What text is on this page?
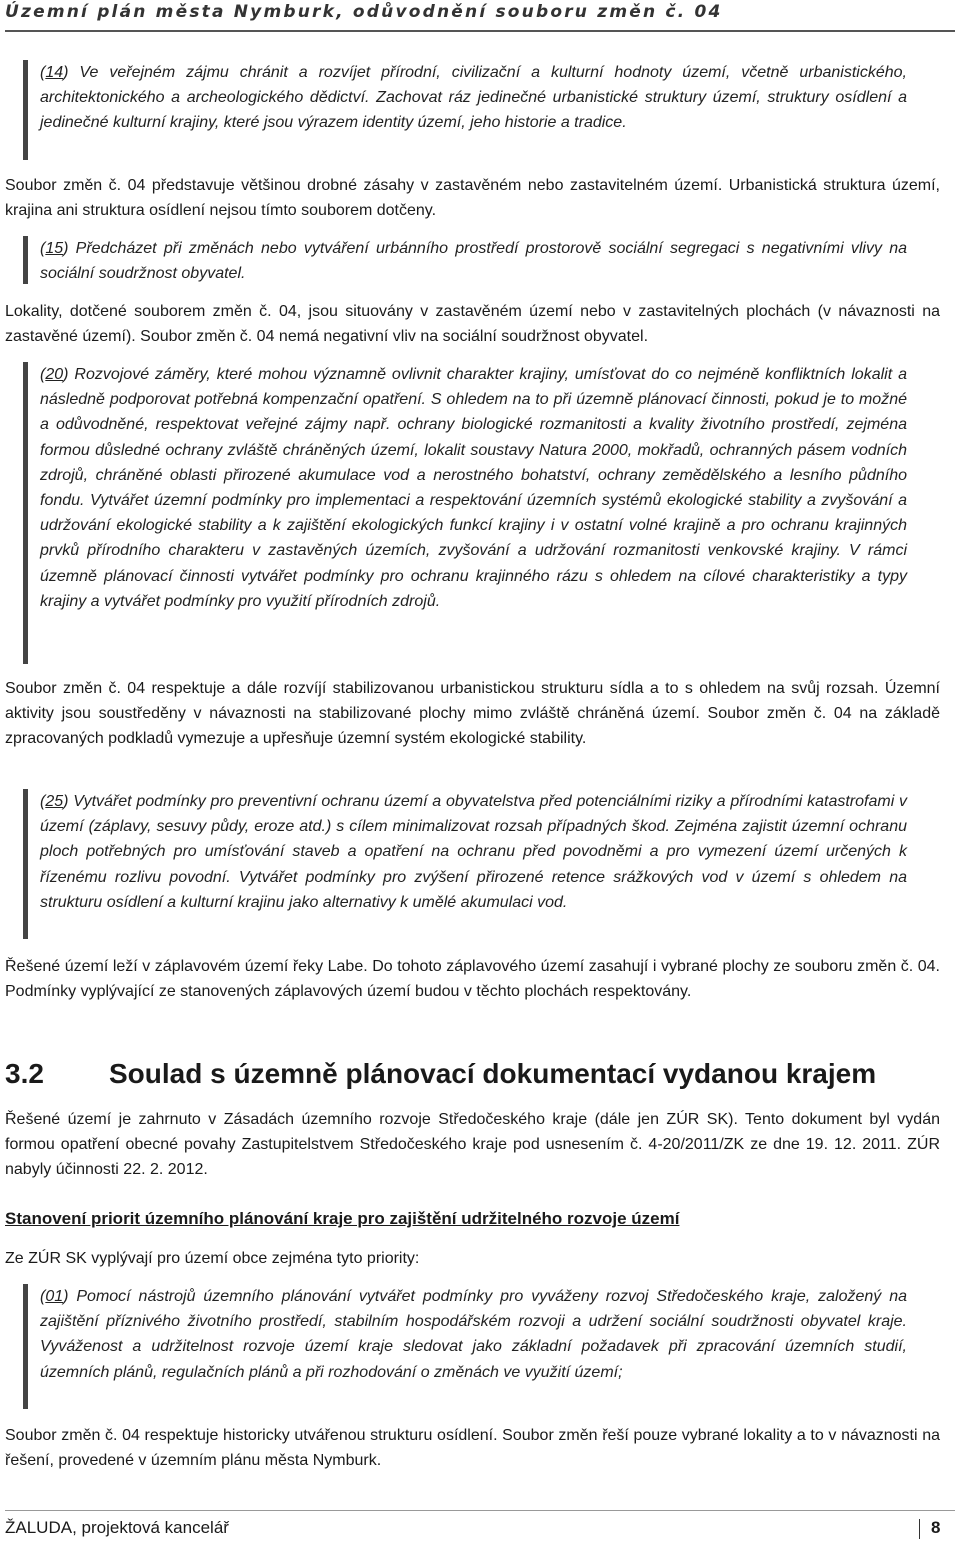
Územní plán města Nymburk, odůvodnění souboru změn č. 04
(14) Ve veřejném zájmu chránit a rozvíjet přírodní, civilizační a kulturní hodnoty území, včetně urbanistického, architektonického a archeologického dědictví. Zachovat ráz jedinečné urbanistické struktury území, struktury osídlení a jedinečné kulturní krajiny, které jsou výrazem identity území, jeho historie a tradice.
Soubor změn č. 04 představuje většinou drobné zásahy v zastavěném nebo zastavitelném území. Urbanistická struktura území, krajina ani struktura osídlení nejsou tímto souborem dotčeny.
(15) Předcházet při změnách nebo vytváření urbánního prostředí prostorově sociální segregaci s negativními vlivy na sociální soudržnost obyvatel.
Lokality, dotčené souborem změn č. 04, jsou situovány v zastavěném území nebo v zastavitelných plochách (v návaznosti na zastavěné území). Soubor změn č. 04 nemá negativní vliv na sociální soudržnost obyvatel.
(20) Rozvojové záměry, které mohou významně ovlivnit charakter krajiny, umísťovat do co nejméně konfliktních lokalit a následně podporovat potřebná kompenzační opatření. S ohledem na to při územně plánovací činnosti, pokud je to možné a odůvodněné, respektovat veřejné zájmy např. ochrany biologické rozmanitosti a kvality životního prostředí, zejména formou důsledné ochrany zvláště chráněných území, lokalit soustavy Natura 2000, mokřadů, ochranných pásem vodních zdrojů, chráněné oblasti přirozené akumulace vod a nerostného bohatství, ochrany zemědělského a lesního půdního fondu. Vytvářet územní podmínky pro implementaci a respektování územních systémů ekologické stability a zvyšování a udržování ekologické stability a k zajištění ekologických funkcí krajiny i v ostatní volné krajině a pro ochranu krajinných prvků přírodního charakteru v zastavěných územích, zvyšování a udržování rozmanitosti venkovské krajiny. V rámci územně plánovací činnosti vytvářet podmínky pro ochranu krajinného rázu s ohledem na cílové charakteristiky a typy krajiny a vytvářet podmínky pro využití přírodních zdrojů.
Soubor změn č. 04 respektuje a dále rozvíjí stabilizovanou urbanistickou strukturu sídla a to s ohledem na svůj rozsah. Územní aktivity jsou soustředěny v návaznosti na stabilizované plochy mimo zvláště chráněná území. Soubor změn č. 04 na základě zpracovaných podkladů vymezuje a upřesňuje územní systém ekologické stability.
(25) Vytvářet podmínky pro preventivní ochranu území a obyvatelstva před potenciálními riziky a přírodními katastrofami v území (záplavy, sesuvy půdy, eroze atd.) s cílem minimalizovat rozsah případných škod. Zejména zajistit územní ochranu ploch potřebných pro umísťování staveb a opatření na ochranu před povodněmi a pro vymezení území určených k řízenému rozlivu povodní. Vytvářet podmínky pro zvýšení přirozené retence srážkových vod v území s ohledem na strukturu osídlení a kulturní krajinu jako alternativy k umělé akumulaci vod.
Řešené území leží v záplavovém území řeky Labe. Do tohoto záplavového území zasahují i vybrané plochy ze souboru změn č. 04. Podmínky vyplývající ze stanovených záplavových území budou v těchto plochách respektovány.
3.2 Soulad s územně plánovací dokumentací vydanou krajem
Řešené území je zahrnuto v Zásadách územního rozvoje Středočeského kraje (dále jen ZÚR SK). Tento dokument byl vydán formou opatření obecné povahy Zastupitelstvem Středočeského kraje pod usnesením č. 4-20/2011/ZK ze dne 19. 12. 2011. ZÚR nabyly účinnosti 22. 2. 2012.
Stanovení priorit územního plánování kraje pro zajištění udržitelného rozvoje území
Ze ZÚR SK vyplývají pro území obce zejména tyto priority:
(01) Pomocí nástrojů územního plánování vytvářet podmínky pro vyváženy rozvoj Středočeského kraje, založený na zajištění příznivého životního prostředí, stabilním hospodářském rozvoji a udržení sociální soudržnosti obyvatel kraje. Vyváženost a udržitelnost rozvoje území kraje sledovat jako základní požadavek při zpracování územních studií, územních plánů, regulačních plánů a při rozhodování o změnách ve využití území;
Soubor změn č. 04 respektuje historicky utvářenou strukturu osídlení. Soubor změn řeší pouze vybrané lokality a to v návaznosti na řešení, provedené v územním plánu města Nymburk.
ŽALUDA, projektová kancelář	8
